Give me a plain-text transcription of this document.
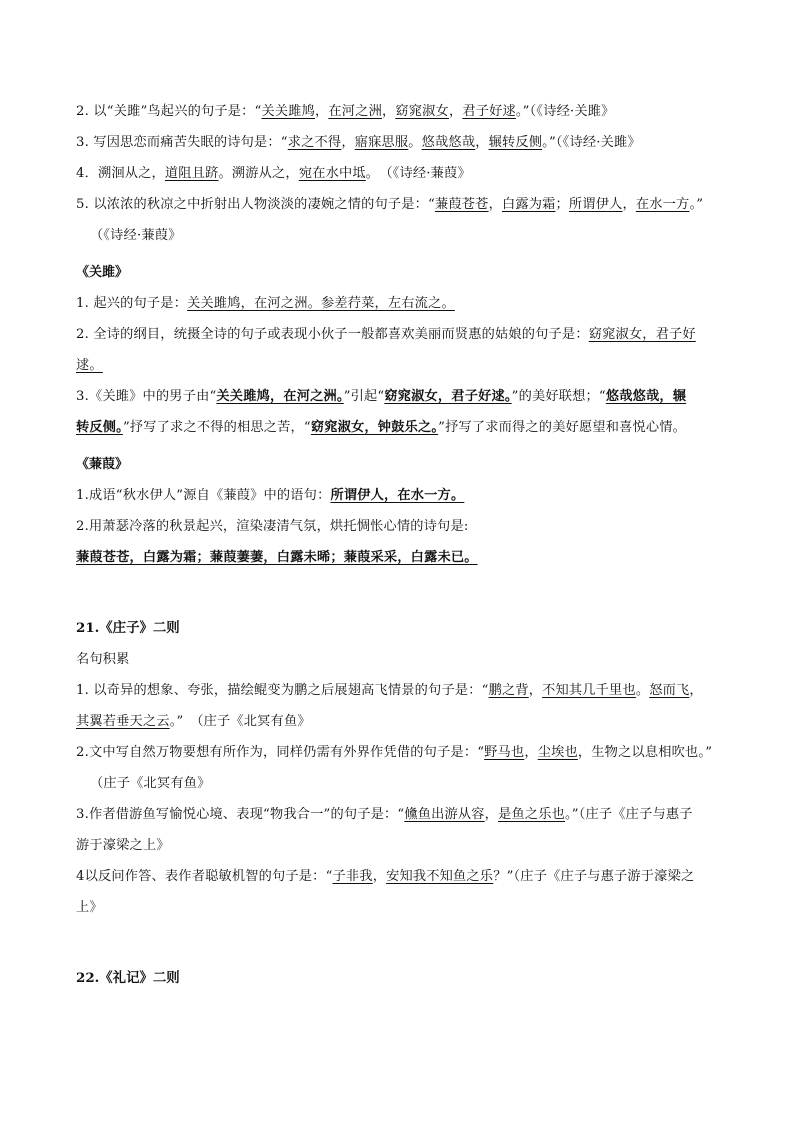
2. 以“关雎”鸟起兴的句子是：“关关雎鸠，在河之洲，窈窕淑女，君子好逑。”（《诗经·关雎》
3. 写因思恋而痛苦失眠的诗句是：“求之不得，寤寐思服。悠哉悠哉，辗转反侧。”（《诗经·关雎》
4．溯洄从之，道阻且跻。溯游从之，宛在水中坻。　（《诗经·蒹葭》
5. 以浓浓的秋凉之中折射出人物淡淡的凄婉之情的句子是：“蒹葭苍苍，白露为霜；所谓伊人，在水一方。”
（《诗经·蒹葭》
《关雎》
1. 起兴的句子是：关关雎鸠，在河之洲。参差荇菜，左右流之。
2. 全诗的纲目，统摄全诗的句子或表现小伙子一般都喜欢美丽而贤惠的姑娘的句子是：窈窕淑女，君子好
逑。
3.《关雎》中的男子由“关关雎鸠，在河之洲。”引起“窈窕淑女，君子好逑。”的美好联想；“悠哉悠哉，辗
转反侧。”抒写了求之不得的相思之苦，“窈窕淑女，钟鼓乐之。”抒写了求而得之的美好愿望和喜悦心情。
《蒹葭》
1.成语“秋水伊人”源自《蒹葭》中的语句：所谓伊人，在水一方。
2.用萧瑟冷落的秋景起兴，渲染凄清气氛，烘托惆怅心情的诗句是:
蒹葭苍苍，白露为霜；蒹葭萋萋，白露未晞；蒹葭采采，白露未已。
21.《庄子》二则
名句积累
1. 以奇异的想象、夸张，描绘鲲变为鹏之后展翅高飞情景的句子是：“鹏之背，不知其几千里也。怒而飞，
其翼若垂天之云。”　（庄子《北冥有鱼》
2.文中写自然万物要想有所作为，同样仍需有外界作凭借的句子是：“野马也，尘埃也，生物之以息相吹也。”
（庄子《北冥有鱼》
3.作者借游鱼写愉悦心境、表现“物我合一”的句子是：“儵鱼出游从容，是鱼之乐也。”（庄子《庄子与惠子
游于濠梁之上》
4以反问作答、表作者聪敏机智的句子是：“子非我，安知我不知鱼之乐？”（庄子《庄子与惠子游于濠梁之
上》
22.《礼记》二则
